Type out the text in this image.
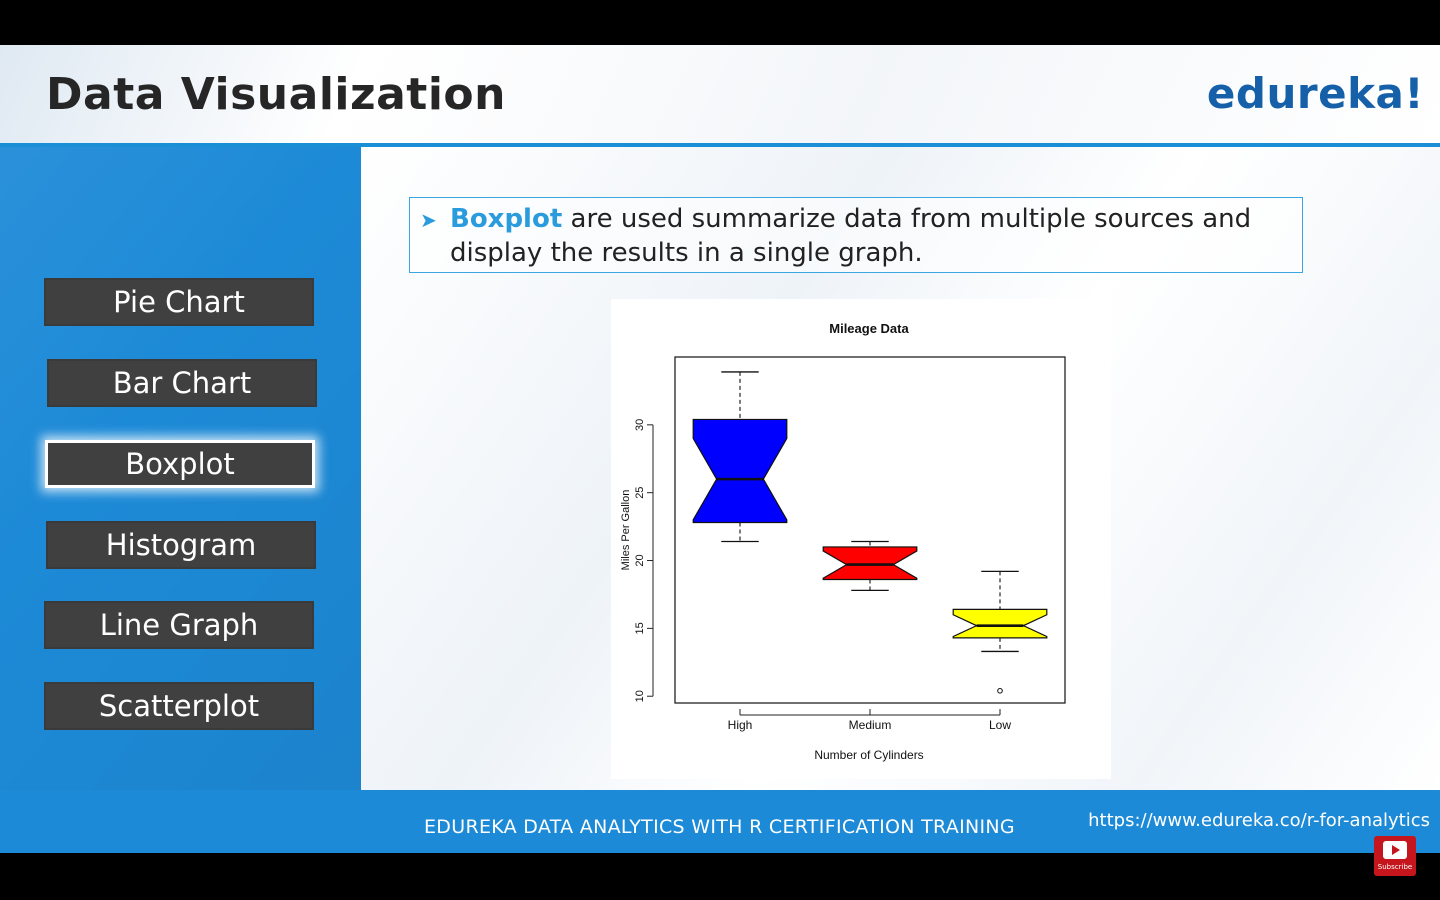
Data Visualization	edureka!
Pie Chart
Bar Chart
Boxplot
Histogram
Line Graph
Scatterplot
➤ Boxplot are used summarize data from multiple sources and display the results in a single graph.
Mileage Data
Number of Cylinders
Miles Per Gallon
10
15
20
25
30
High	Medium	Low
EDUREKA DATA ANALYTICS WITH R CERTIFICATION TRAINING	https://www.edureka.co/r-for-analytics
Subscribe
